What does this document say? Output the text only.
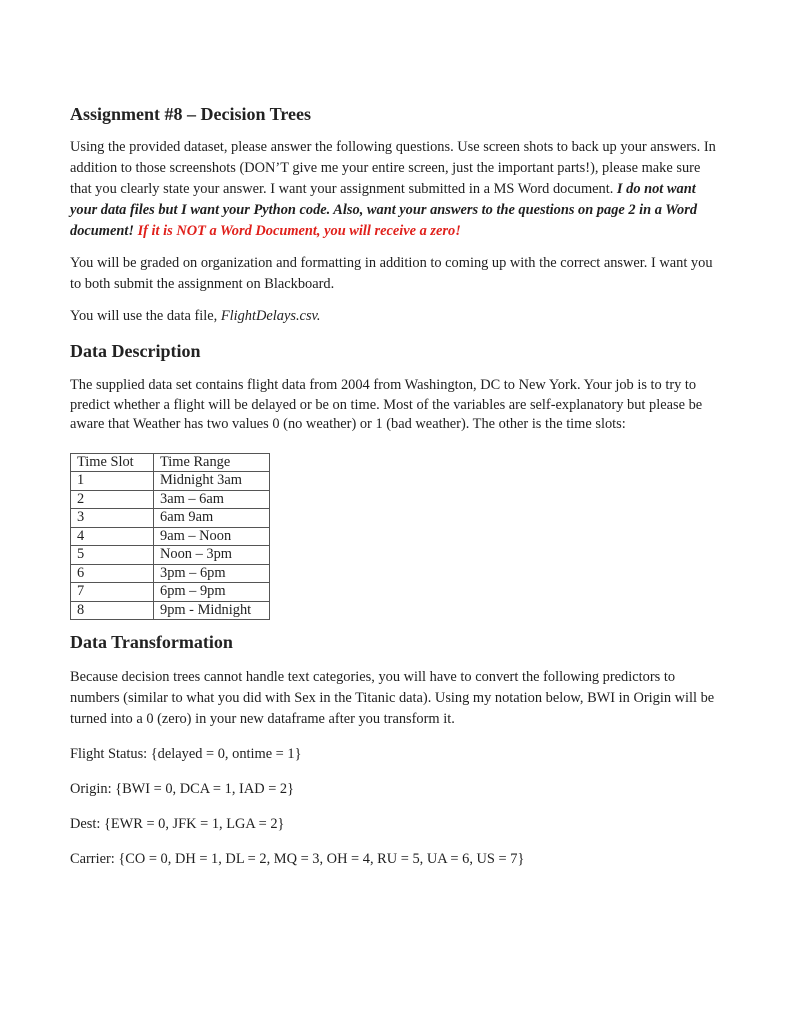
Assignment #8 – Decision Trees

Using the provided dataset, please answer the following questions. Use screen shots to back up your answers. In addition to those screenshots (DON’T give me your entire screen, just the important parts!), please make sure that you clearly state your answer. I want your assignment submitted in a MS Word document. I do not want your data files but I want your Python code. Also, want your answers to the questions on page 2 in a Word document! If it is NOT a Word Document, you will receive a zero!

You will be graded on organization and formatting in addition to coming up with the correct answer. I want you to both submit the assignment on Blackboard.

You will use the data file, FlightDelays.csv.

Data Description

The supplied data set contains flight data from 2004 from Washington, DC to New York. Your job is to try to predict whether a flight will be delayed or be on time. Most of the variables are self-explanatory but please be aware that Weather has two values 0 (no weather) or 1 (bad weather). The other is the time slots:

Time Slot	Time Range
1	Midnight 3am
2	3am – 6am
3	6am 9am
4	9am – Noon
5	Noon – 3pm
6	3pm – 6pm
7	6pm – 9pm
8	9pm - Midnight
Data Transformation

Because decision trees cannot handle text categories, you will have to convert the following predictors to numbers (similar to what you did with Sex in the Titanic data). Using my notation below, BWI in Origin will be turned into a 0 (zero) in your new dataframe after you transform it.

Flight Status: {delayed = 0, ontime = 1}

Origin: {BWI = 0, DCA = 1, IAD = 2}

Dest: {EWR = 0, JFK = 1, LGA = 2}

Carrier: {CO = 0, DH = 1, DL = 2, MQ = 3, OH = 4, RU = 5, UA = 6, US = 7}
